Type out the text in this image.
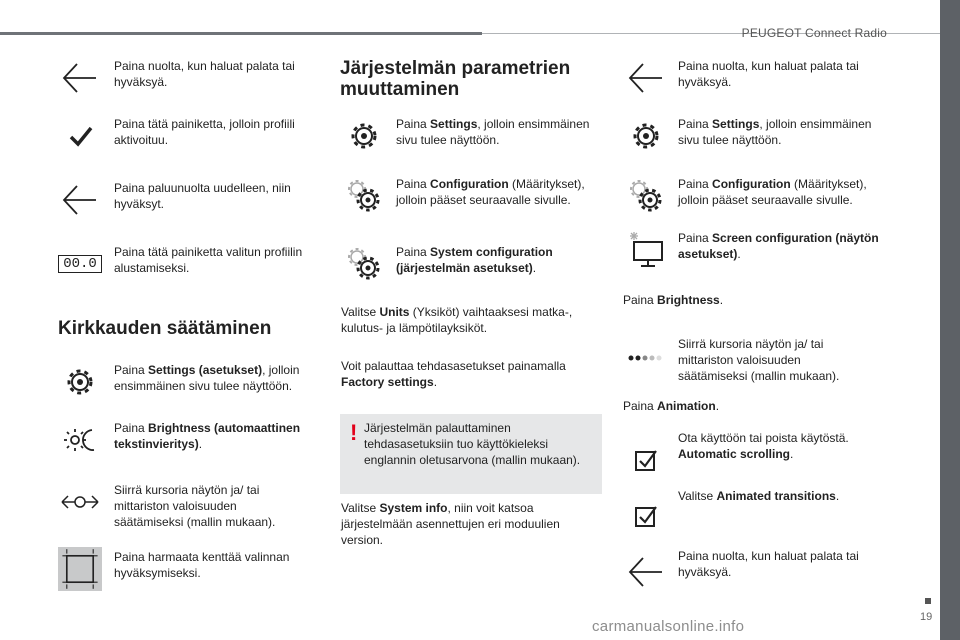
PEUGEOT Connect Radio
19
carmanualsonline.info
Paina nuolta, kun haluat palata tai hyväksyä.
Paina tätä painiketta, jolloin profiili aktivoituu.
Paina paluunuolta uudelleen, niin hyväksyt.
00.0
Paina tätä painiketta valitun profiilin alustamiseksi.
Kirkkauden säätäminen
Paina Settings (asetukset), jolloin ensimmäinen sivu tulee näyttöön.
Paina Brightness (automaattinen tekstinvieritys).
Siirrä kursoria näytön ja/ tai mittariston valoisuuden säätämiseksi (mallin mukaan).
Paina harmaata kenttää valinnan hyväksymiseksi.
Järjestelmän parametrien muuttaminen
Paina Settings, jolloin ensimmäinen sivu tulee näyttöön.
Paina Configuration (Määritykset), jolloin pääset seuraavalle sivulle.
Paina System configuration (järjestelmän asetukset).
Valitse Units (Yksiköt) vaihtaaksesi matka-, kulutus- ja lämpötilayksiköt.
Voit palauttaa tehdasasetukset painamalla Factory settings.
! Järjestelmän palauttaminen tehdasasetuksiin tuo käyttökieleksi englannin oletusarvona (mallin mukaan).
Valitse System info, niin voit katsoa järjestelmään asennettujen eri moduulien version.
Paina nuolta, kun haluat palata tai hyväksyä.
Paina Settings, jolloin ensimmäinen sivu tulee näyttöön.
Paina Configuration (Määritykset), jolloin pääset seuraavalle sivulle.
Paina Screen configuration (näytön asetukset).
Paina Brightness.
Siirrä kursoria näytön ja/ tai mittariston valoisuuden säätämiseksi (mallin mukaan).
Paina Animation.
Ota käyttöön tai poista käytöstä. Automatic scrolling.
Valitse Animated transitions.
Paina nuolta, kun haluat palata tai hyväksyä.
